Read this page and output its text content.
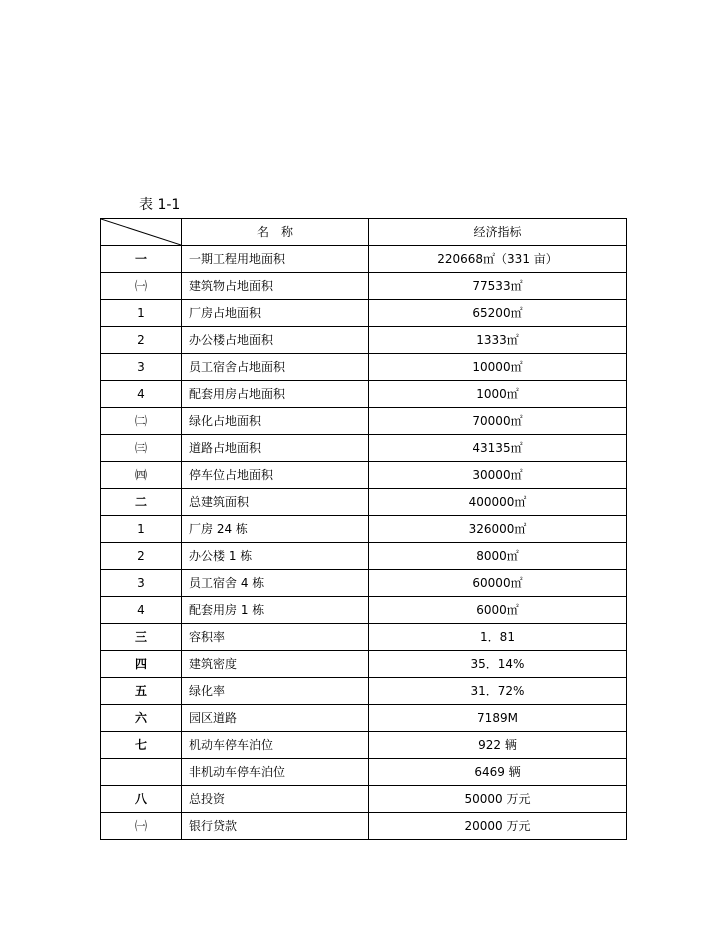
表 1-1
	名　称	经济指标
一	一期工程用地面积	220668㎡（331 亩）
㈠	建筑物占地面积	77533㎡
1	厂房占地面积	65200㎡
2	办公楼占地面积	1333㎡
3	员工宿舍占地面积	10000㎡
4	配套用房占地面积	1000㎡
㈡	绿化占地面积	70000㎡
㈢	道路占地面积	43135㎡
㈣	停车位占地面积	30000㎡
二	总建筑面积	400000㎡
1	厂房 24 栋	326000㎡
2	办公楼 1 栋	8000㎡
3	员工宿舍 4 栋	60000㎡
4	配套用房 1 栋	6000㎡
三	容积率	1．81
四	建筑密度	35．14%
五	绿化率	31．72%
六	园区道路	7189M
七	机动车停车泊位	922 辆
	非机动车停车泊位	6469 辆
八	总投资	50000 万元
㈠	银行贷款	20000 万元
